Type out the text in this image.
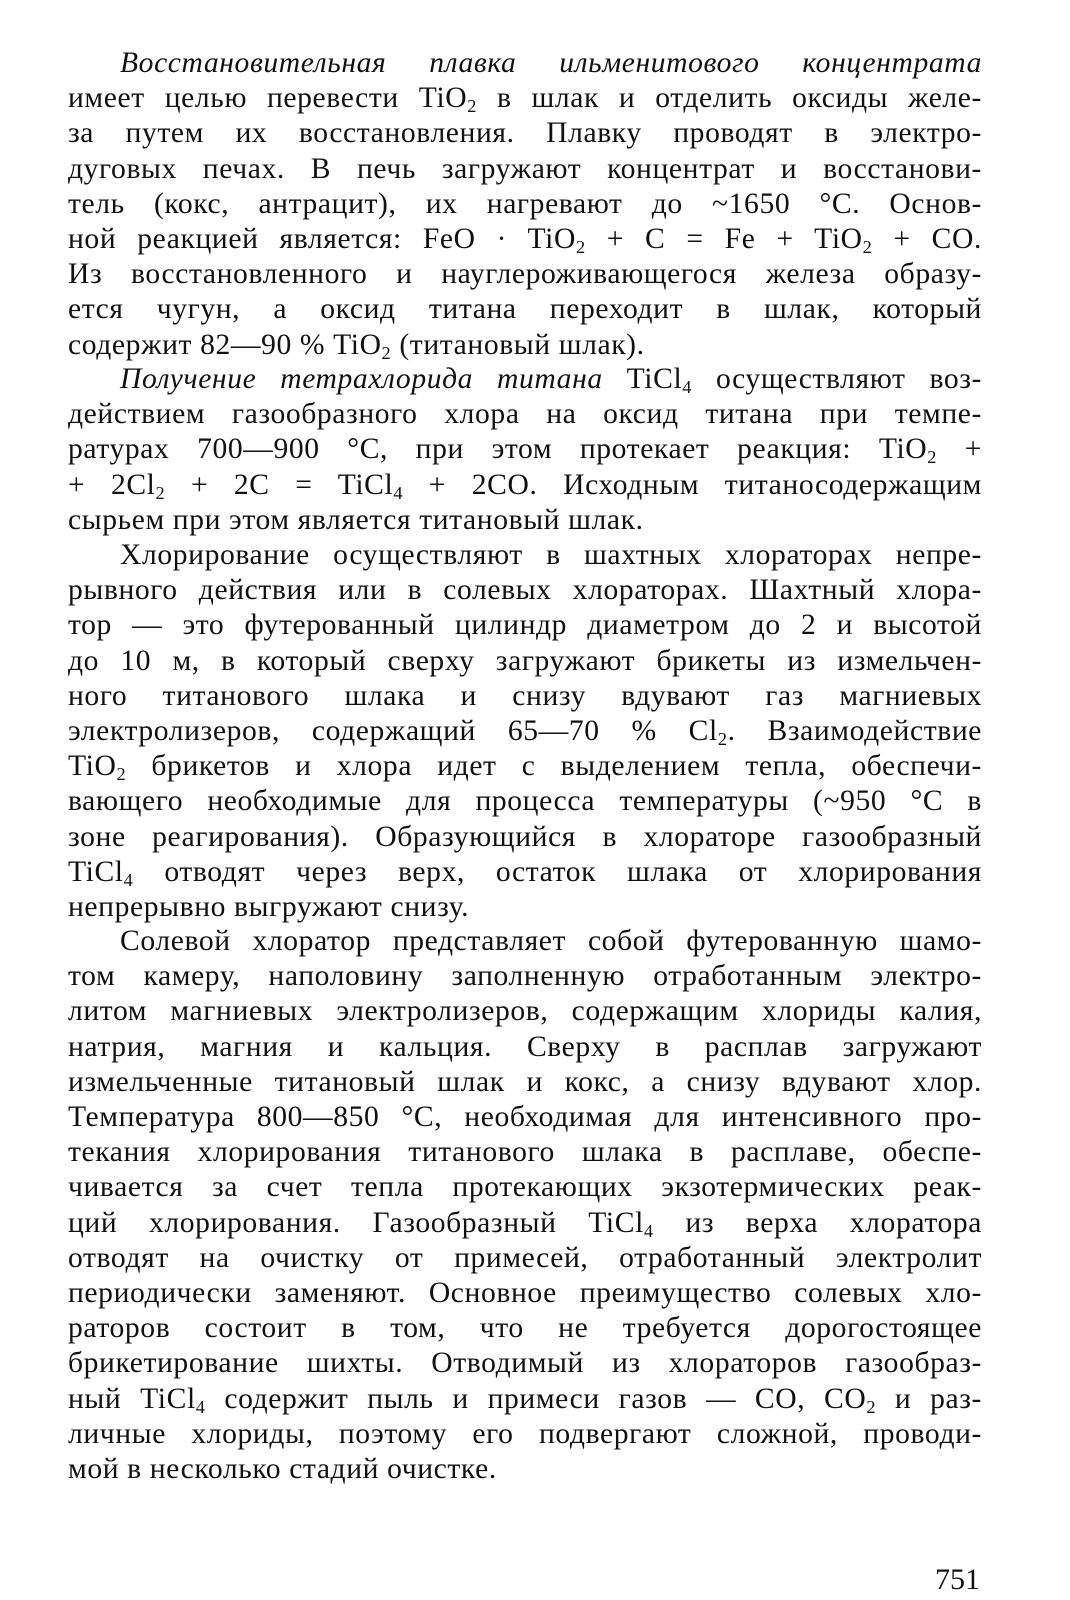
Восстановительная плавка ильменитового концентрата
имеет целью перевести TiO$_2$ в шлак и отделить оксиды желе-
за путем их восстановления. Плавку проводят в электро-
дуговых печах. В печь загружают концентрат и восстанови-
тель (кокс, антрацит), их нагревают до ~1650 °С. Основ-
ной реакцией является: FeO · TiO$_2$ + C = Fe + TiO$_2$ + CO.
Из восстановленного и науглероживающегося железа образу-
ется чугун, а оксид титана переходит в шлак, который
содержит 82—90 % TiO$_2$ (титановый шлак).
Получение тетрахлорида титана TiCl$_4$ осуществляют воз-
действием газообразного хлора на оксид титана при темпе-
ратурах 700—900 °С, при этом протекает реакция: TiO$_2$ +
+ $2Cl_2 + 2C$ = TiCl$_4$ + 2CO. Исходным титаносодержащим
сырьем при этом является титановый шлак.
Хлорирование осуществляют в шахтных хлораторах непре-
рывного действия или в солевых хлораторах. Шахтный хлора-
тор — это футерованный цилиндр диаметром до 2 и высотой
до 10 м, в который сверху загружают брикеты из измельчен-
ного титанового шлака и снизу вдувают газ магниевых
электролизеров, содержащий 65—70 % $Cl_2$. Взаимодействие
TiO$_2$ брикетов и хлора идет с выделением тепла, обеспечи-
вающего необходимые для процесса температуры (~950 °С в
зоне реагирования). Образующийся в хлораторе газообразный
TiCl$_4$ отводят через верх, остаток шлака от хлорирования
непрерывно выгружают снизу.
Солевой хлоратор представляет собой футерованную шамо-
том камеру, наполовину заполненную отработанным электро-
литом магниевых электролизеров, содержащим хлориды калия,
натрия, магния и кальция. Сверху в расплав загружают
измельченные титановый шлак и кокс, а снизу вдувают хлор.
Температура 800—850 °С, необходимая для интенсивного про-
текания хлорирования титанового шлака в расплаве, обеспе-
чивается за счет тепла протекающих экзотермических реак-
ций хлорирования. Газообразный TiCl$_4$ из верха хлоратора
отводят на очистку от примесей, отработанный электролит
периодически заменяют. Основное преимущество солевых хло-
раторов состоит в том, что не требуется дорогостоящее
брикетирование шихты. Отводимый из хлораторов газообраз-
ный TiCl$_4$ содержит пыль и примеси газов — CO, $CO_2$ и раз-
личные хлориды, поэтому его подвергают сложной, проводи-
мой в несколько стадий очистке.
751
